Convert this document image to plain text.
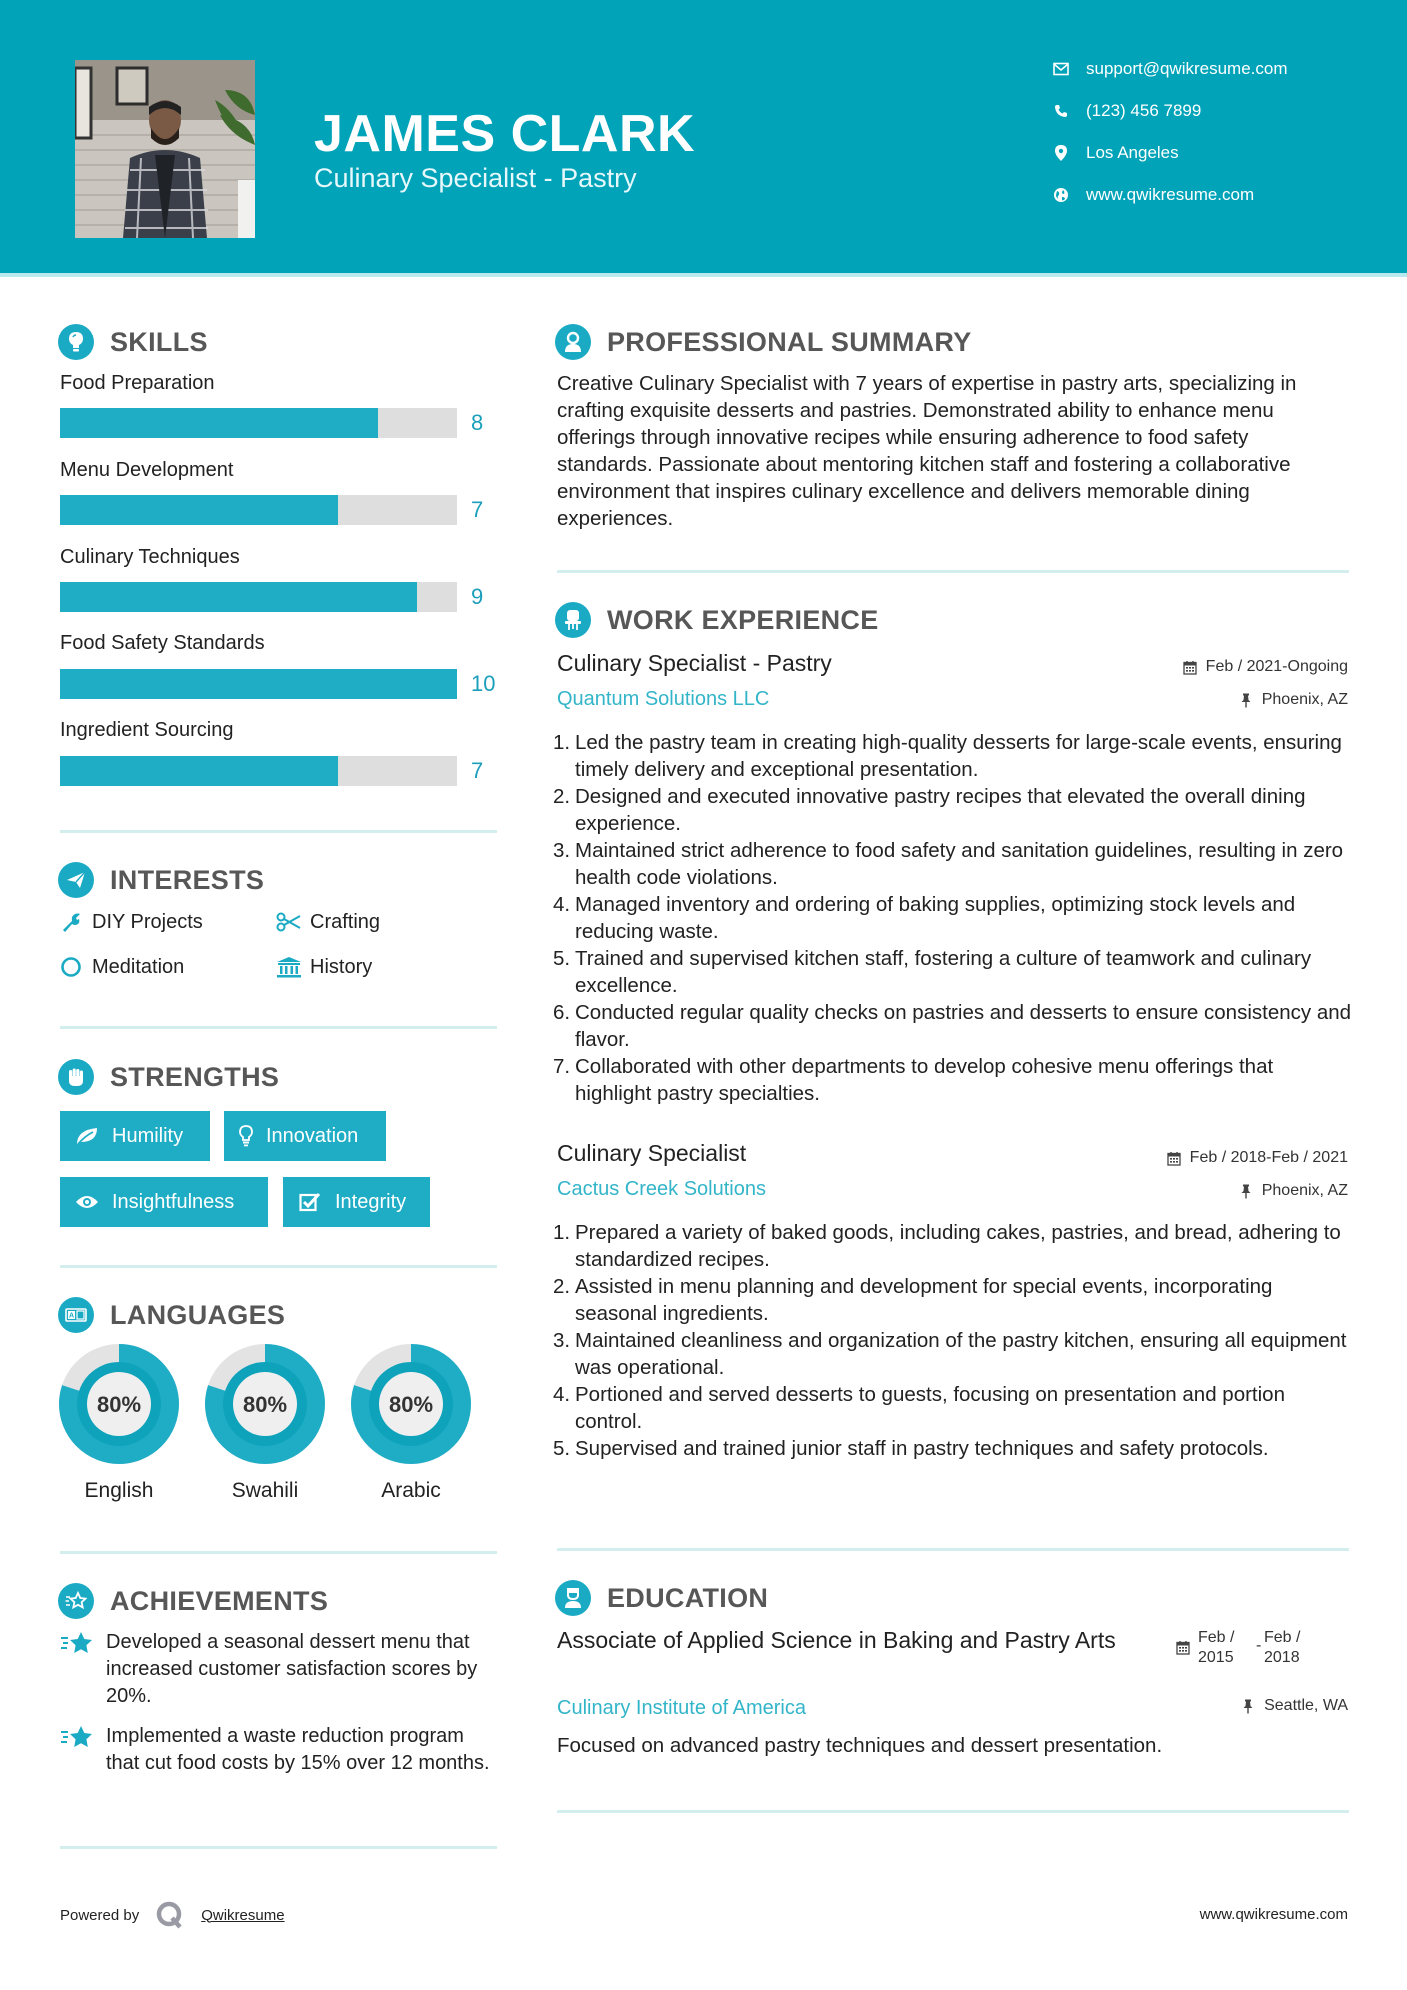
JAMES CLARK
Culinary Specialist - Pastry
support@qwikresume.com
(123) 456 7899
Los Angeles
www.qwikresume.com
SKILLS
Food Preparation
8
Menu Development
7
Culinary Techniques
9
Food Safety Standards
10
Ingredient Sourcing
7
INTERESTS
DIY Projects	Crafting
Meditation	History
STRENGTHS
Humility	Innovation
Insightfulness	Integrity
A LANGUAGES
80%
English
80%
Swahili
80%
Arabic
ACHIEVEMENTS
Developed a seasonal dessert menu that increased customer satisfaction scores by 20%.
Implemented a waste reduction program that cut food costs by 15% over 12 months.
PROFESSIONAL SUMMARY
Creative Culinary Specialist with 7 years of expertise in pastry arts, specializing in crafting exquisite desserts and pastries. Demonstrated ability to enhance menu offerings through innovative recipes while ensuring adherence to food safety standards. Passionate about mentoring kitchen staff and fostering a collaborative environment that inspires culinary excellence and delivers memorable dining experiences.
WORK EXPERIENCE
Culinary Specialist - Pastry	Feb / 2021-Ongoing
Quantum Solutions LLC	Phoenix, AZ
1. Led the pastry team in creating high-quality desserts for large-scale events, ensuring timely delivery and exceptional presentation.
2. Designed and executed innovative pastry recipes that elevated the overall dining experience.
3. Maintained strict adherence to food safety and sanitation guidelines, resulting in zero health code violations.
4. Managed inventory and ordering of baking supplies, optimizing stock levels and reducing waste.
5. Trained and supervised kitchen staff, fostering a culture of teamwork and culinary excellence.
6. Conducted regular quality checks on pastries and desserts to ensure consistency and flavor.
7. Collaborated with other departments to develop cohesive menu offerings that highlight pastry specialties.
Culinary Specialist	Feb / 2018-Feb / 2021
Cactus Creek Solutions	Phoenix, AZ
1. Prepared a variety of baked goods, including cakes, pastries, and bread, adhering to standardized recipes.
2. Assisted in menu planning and development for special events, incorporating seasonal ingredients.
3. Maintained cleanliness and organization of the pastry kitchen, ensuring all equipment was operational.
4. Portioned and served desserts to guests, focusing on presentation and portion control.
5. Supervised and trained junior staff in pastry techniques and safety protocols.
EDUCATION
Associate of Applied Science in Baking and Pastry Arts	Feb /
2015
- Feb /
2018
Culinary Institute of America	Seattle, WA
Focused on advanced pastry techniques and dessert presentation.
Powered by	Qwikresume	www.qwikresume.com
